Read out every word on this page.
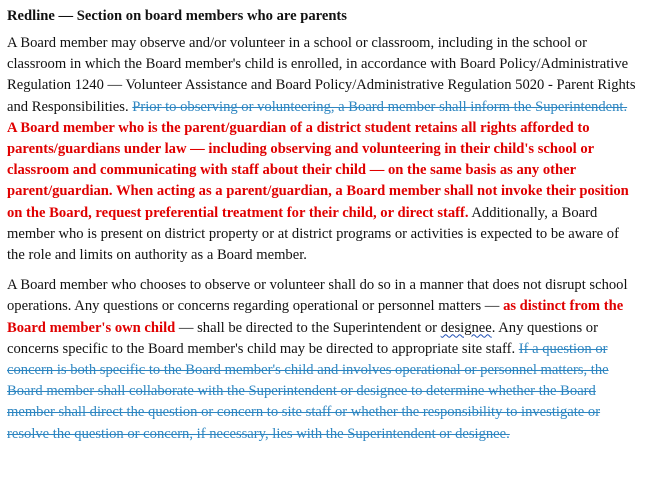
Redline — Section on board members who are parents

A Board member may observe and/or volunteer in a school or classroom, including in the school or classroom in which the Board member's child is enrolled, in accordance with Board Policy/Administrative Regulation 1240 — Volunteer Assistance and Board Policy/Administrative Regulation 5020 - Parent Rights and Responsibilities. Prior to observing or volunteering, a Board member shall inform the Superintendent. A Board member who is the parent/guardian of a district student retains all rights afforded to parents/guardians under law — including observing and volunteering in their child's school or classroom and communicating with staff about their child — on the same basis as any other parent/guardian. When acting as a parent/guardian, a Board member shall not invoke their position on the Board, request preferential treatment for their child, or direct staff. Additionally, a Board member who is present on district property or at district programs or activities is expected to be aware of the role and limits on authority as a Board member.

A Board member who chooses to observe or volunteer shall do so in a manner that does not disrupt school operations. Any questions or concerns regarding operational or personnel matters — as distinct from the Board member's own child — shall be directed to the Superintendent or designee. Any questions or concerns specific to the Board member's child may be directed to appropriate site staff. If a question or concern is both specific to the Board member's child and involves operational or personnel matters, the Board member shall collaborate with the Superintendent or designee to determine whether the Board member shall direct the question or concern to site staff or whether the responsibility to investigate or resolve the question or concern, if necessary, lies with the Superintendent or designee.
